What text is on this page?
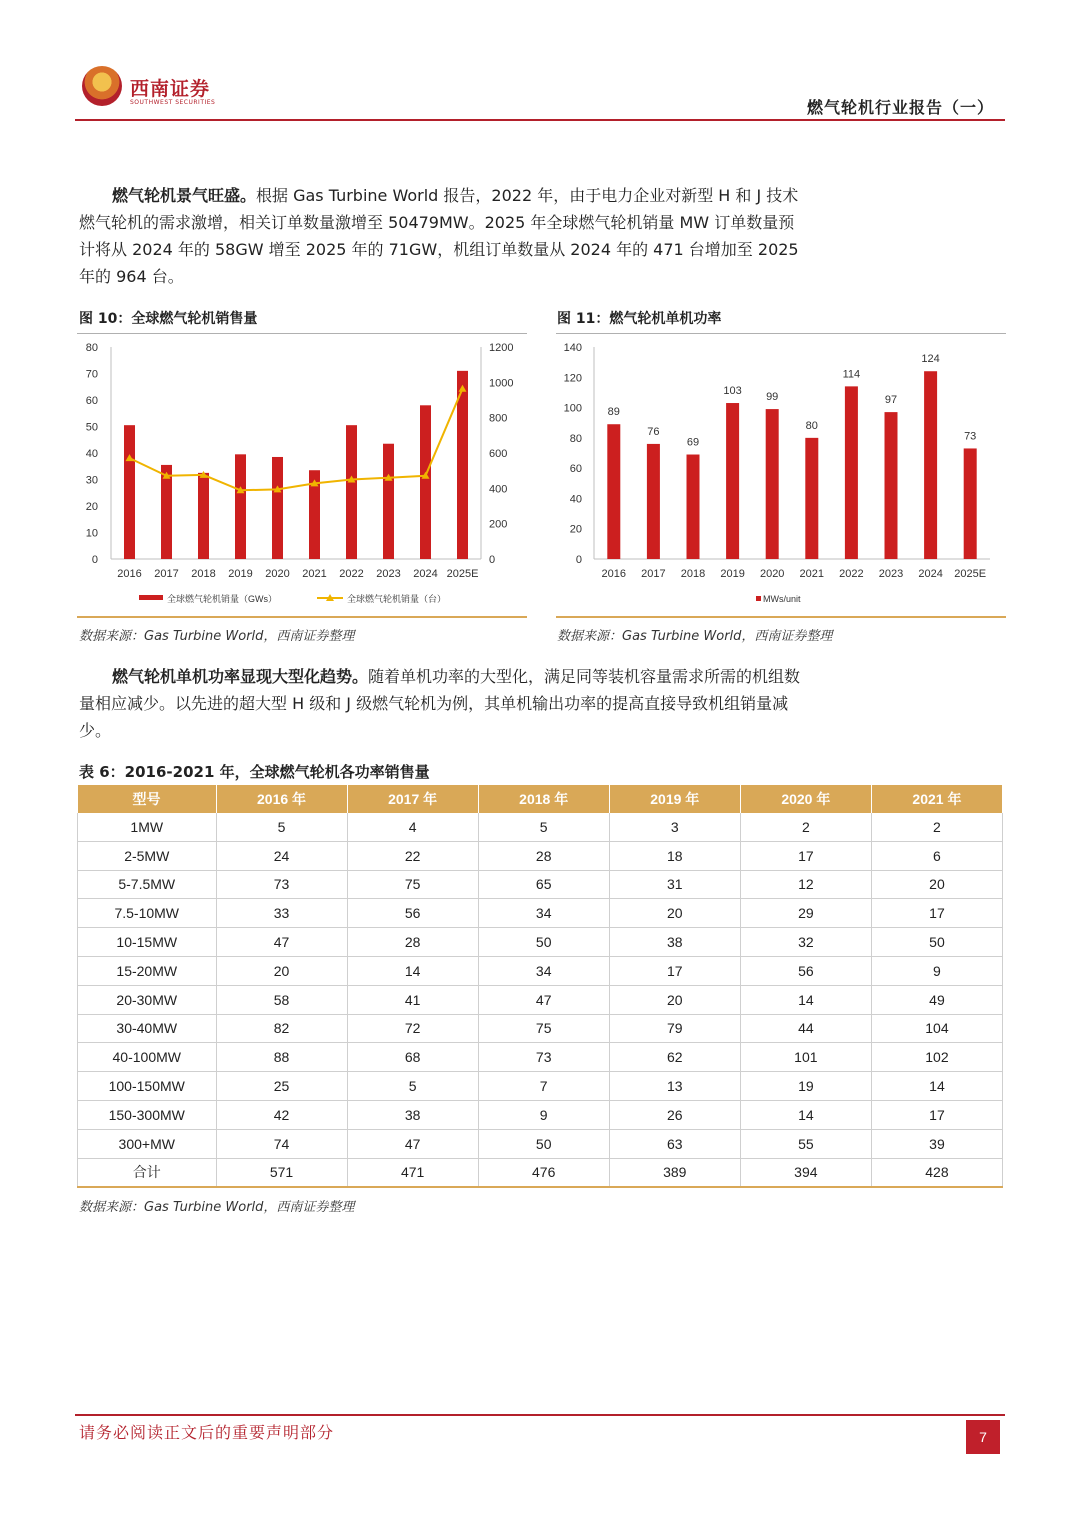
西南证券
SOUTHWEST SECURITIES	燃气轮机行业报告（一）
燃气轮机景气旺盛。根据 Gas Turbine World 报告，2022 年，由于电力企业对新型 H 和 J 技术燃气轮机的需求激增，相关订单数量激增至 50479MW。2025 年全球燃气轮机销量 MW 订单数量预计将从 2024 年的 58GW 增至 2025 年的 71GW，机组订单数量从 2024 年的 471 台增加至 2025 年的 964 台。
图 10：全球燃气轮机销售量
0
10
20
30
40
50
60
70
80
0
200
400
600
800
1000
1200
2016 2017 2018 2019 2020 2021 2022 2023 2024 2025E
全球燃气轮机销量（GWs）	全球燃气轮机销量（台）
数据来源：Gas Turbine World，西南证券整理
图 11：燃气轮机单机功率
0
20
40
60
80
100
120
140
89
2016
76
2017
69
2018
103
2019
99
2020
80
2021
114
2022
97
2023
124
2024
73
2025E
MWs/unit
数据来源：Gas Turbine World，西南证券整理
燃气轮机单机功率显现大型化趋势。随着单机功率的大型化，满足同等装机容量需求所需的机组数量相应减少。以先进的超大型 H 级和 J 级燃气轮机为例，其单机输出功率的提高直接导致机组销量减少。
表 6：2016-2021 年，全球燃气轮机各功率销售量
型号	2016 年	2017 年	2018 年	2019 年	2020 年	2021 年
1MW	5	4	5	3	2	2
2-5MW	24	22	28	18	17	6
5-7.5MW	73	75	65	31	12	20
7.5-10MW	33	56	34	20	29	17
10-15MW	47	28	50	38	32	50
15-20MW	20	14	34	17	56	9
20-30MW	58	41	47	20	14	49
30-40MW	82	72	75	79	44	104
40-100MW	88	68	73	62	101	102
100-150MW	25	5	7	13	19	14
150-300MW	42	38	9	26	14	17
300+MW	74	47	50	63	55	39
合计	571	471	476	389	394	428
数据来源：Gas Turbine World，西南证券整理
请务必阅读正文后的重要声明部分	7
